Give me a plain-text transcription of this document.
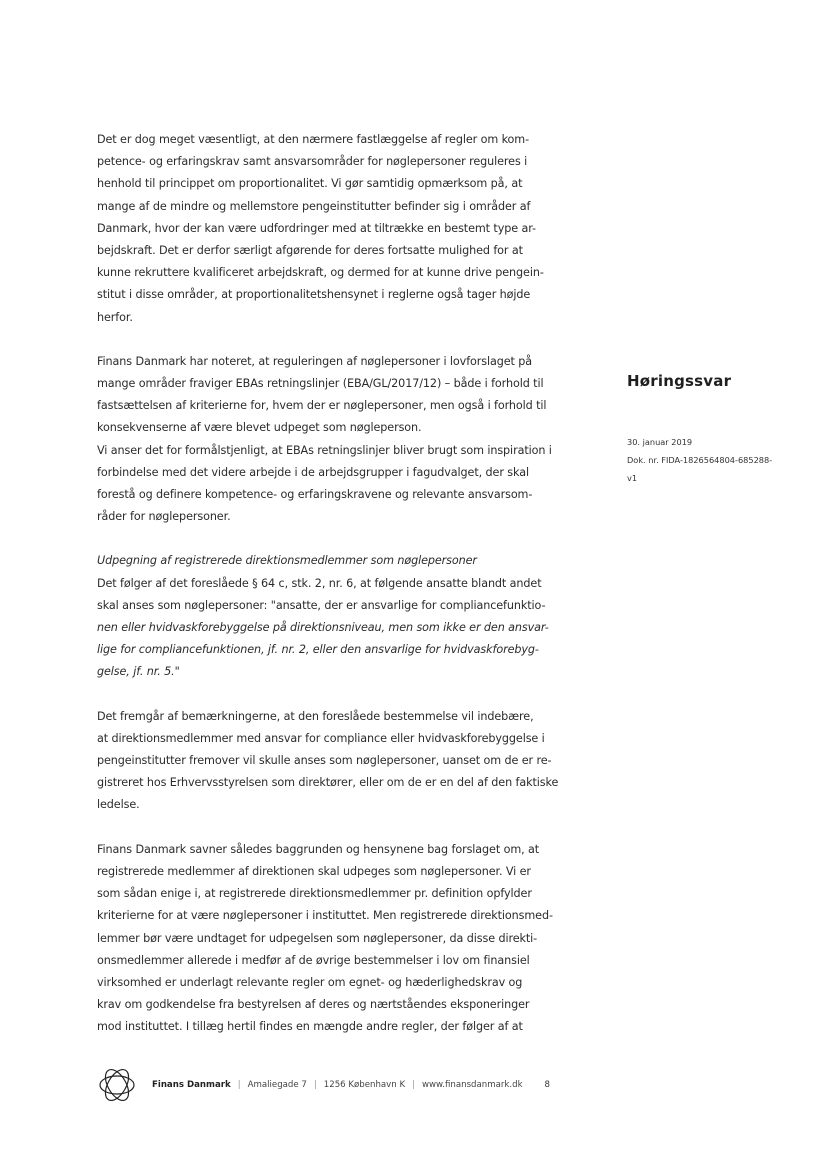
Det er dog meget væsentligt, at den nærmere fastlæggelse af regler om kom-
petence- og erfaringskrav samt ansvarsområder for nøglepersoner reguleres i
henhold til princippet om proportionalitet. Vi gør samtidig opmærksom på, at
mange af de mindre og mellemstore pengeinstitutter befinder sig i områder af
Danmark, hvor der kan være udfordringer med at tiltrække en bestemt type ar-
bejdskraft. Det er derfor særligt afgørende for deres fortsatte mulighed for at
kunne rekruttere kvalificeret arbejdskraft, og dermed for at kunne drive pengein-
stitut i disse områder, at proportionalitetshensynet i reglerne også tager højde
herfor.

Finans Danmark har noteret, at reguleringen af nøglepersoner i lovforslaget på
mange områder fraviger EBAs retningslinjer (EBA/GL/2017/12) – både i forhold til
fastsættelsen af kriterierne for, hvem der er nøglepersoner, men også i forhold til
konsekvenserne af være blevet udpeget som nøgleperson.
Vi anser det for formålstjenligt, at EBAs retningslinjer bliver brugt som inspiration i
forbindelse med det videre arbejde i de arbejdsgrupper i fagudvalget, der skal
forestå og definere kompetence- og erfaringskravene og relevante ansvarsom-
råder for nøglepersoner.

Udpegning af registrerede direktionsmedlemmer som nøglepersoner
Det følger af det foreslåede § 64 c, stk. 2, nr. 6, at følgende ansatte blandt andet
skal anses som nøglepersoner: "ansatte, der er ansvarlige for compliancefunktio-
nen eller hvidvaskforebyggelse på direktionsniveau, men som ikke er den ansvar-
lige for compliancefunktionen, jf. nr. 2, eller den ansvarlige for hvidvaskforebyg-
gelse, jf. nr. 5."

Det fremgår af bemærkningerne, at den foreslåede bestemmelse vil indebære,
at direktionsmedlemmer med ansvar for compliance eller hvidvaskforebyggelse i
pengeinstitutter fremover vil skulle anses som nøglepersoner, uanset om de er re-
gistreret hos Erhvervsstyrelsen som direktører, eller om de er en del af den faktiske
ledelse.

Finans Danmark savner således baggrunden og hensynene bag forslaget om, at
registrerede medlemmer af direktionen skal udpeges som nøglepersoner. Vi er
som sådan enige i, at registrerede direktionsmedlemmer pr. definition opfylder
kriterierne for at være nøglepersoner i instituttet. Men registrerede direktionsmed-
lemmer bør være undtaget for udpegelsen som nøglepersoner, da disse direkti-
onsmedlemmer allerede i medfør af de øvrige bestemmelser i lov om finansiel
virksomhed er underlagt relevante regler om egnet- og hæderlighedskrav og
krav om godkendelse fra bestyrelsen af deres og nærtståendes eksponeringer
mod instituttet. I tillæg hertil findes en mængde andre regler, der følger af at

Høringssvar
30. januar 2019
Dok. nr. FIDA-1826564804-685288-
v1
Finans Danmark | Amaliegade 7 | 1256 København K | www.finansdanmark.dk	8
